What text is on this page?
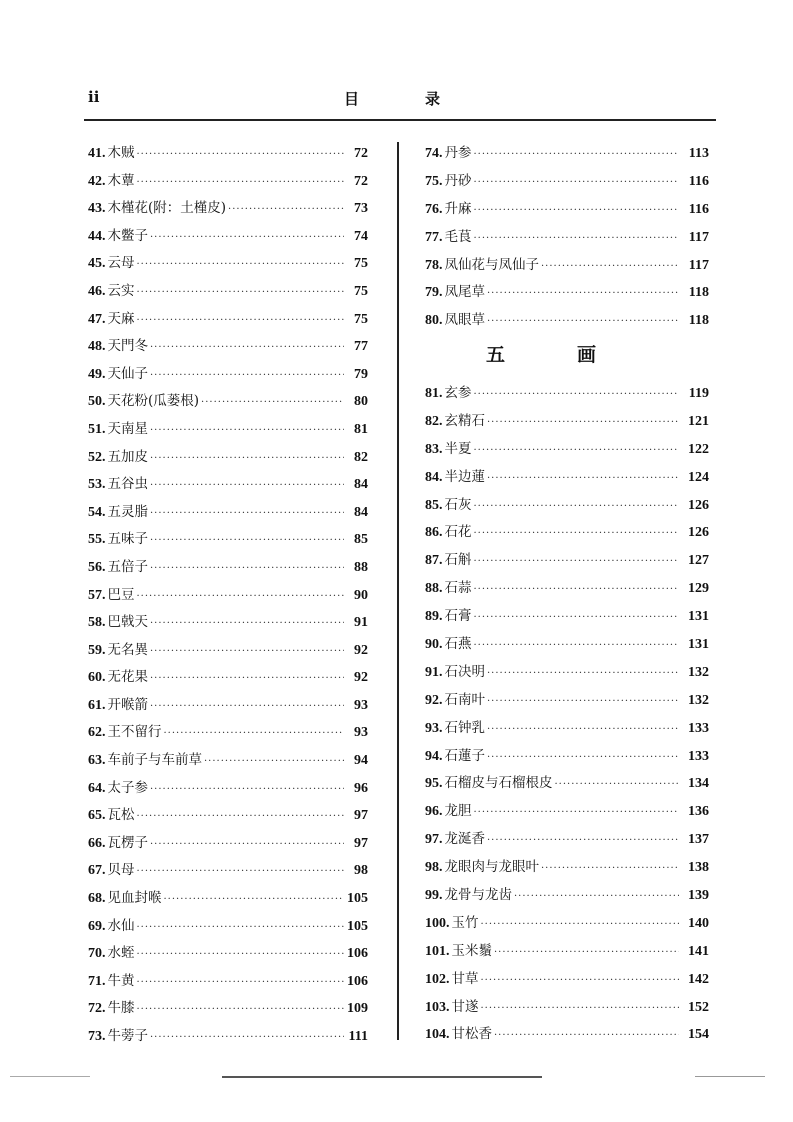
ii	目	录
41. 木贼 ·····	72
42. 木蕈 ·····	72
43. 木槿花(附：土槿皮) ·····	73
44. 木鳖子 ·····	74
45. 云母 ·····	75
46. 云实 ·····	75
47. 天麻 ·····	75
48. 天門冬 ·····	77
49. 天仙子 ·····	79
50. 天花粉(瓜蒌根) ·····	80
51. 天南星 ·····	81
52. 五加皮 ·····	82
53. 五谷虫 ·····	84
54. 五灵脂 ·····	84
55. 五味子 ·····	85
56. 五倍子 ·····	88
57. 巴豆 ·····	90
58. 巴戟天 ·····	91
59. 无名異 ·····	92
60. 无花果 ·····	92
61. 开喉箭 ·····	93
62. 王不留行 ·····	93
63. 车前子与车前草 ·····	94
64. 太子参 ·····	96
65. 瓦松 ·····	97
66. 瓦楞子 ·····	97
67. 贝母 ·····	98
68. 见血封喉 ·····	105
69. 水仙 ·····	105
70. 水蛭 ·····	106
71. 牛黄 ·····	106
72. 牛膝 ·····	109
73. 牛蒡子 ·····	111
74. 丹参 ·····	113
75. 丹砂 ·····	116
76. 升麻 ·····	116
77. 毛茛 ·····	117
78. 凤仙花与凤仙子 ·····	117
79. 凤尾草 ·····	118
80. 凤眼草 ·····	118
五	画
81. 玄参 ·····	119
82. 玄精石 ·····	121
83. 半夏 ·····	122
84. 半边蓮 ·····	124
85. 石灰 ·····	126
86. 石花 ·····	126
87. 石斛 ·····	127
88. 石蒜 ·····	129
89. 石膏 ·····	131
90. 石燕 ·····	131
91. 石决明 ·····	132
92. 石南叶 ·····	132
93. 石钟乳 ·····	133
94. 石蓮子 ·····	133
95. 石榴皮与石榴根皮 ·····	134
96. 龙胆 ·····	136
97. 龙涎香 ·····	137
98. 龙眼肉与龙眼叶 ·····	138
99. 龙骨与龙齿 ·····	139
100. 玉竹 ·····	140
101. 玉米鬚 ·····	141
102. 甘草 ·····	142
103. 甘遂 ·····	152
104. 甘松香 ·····	154
